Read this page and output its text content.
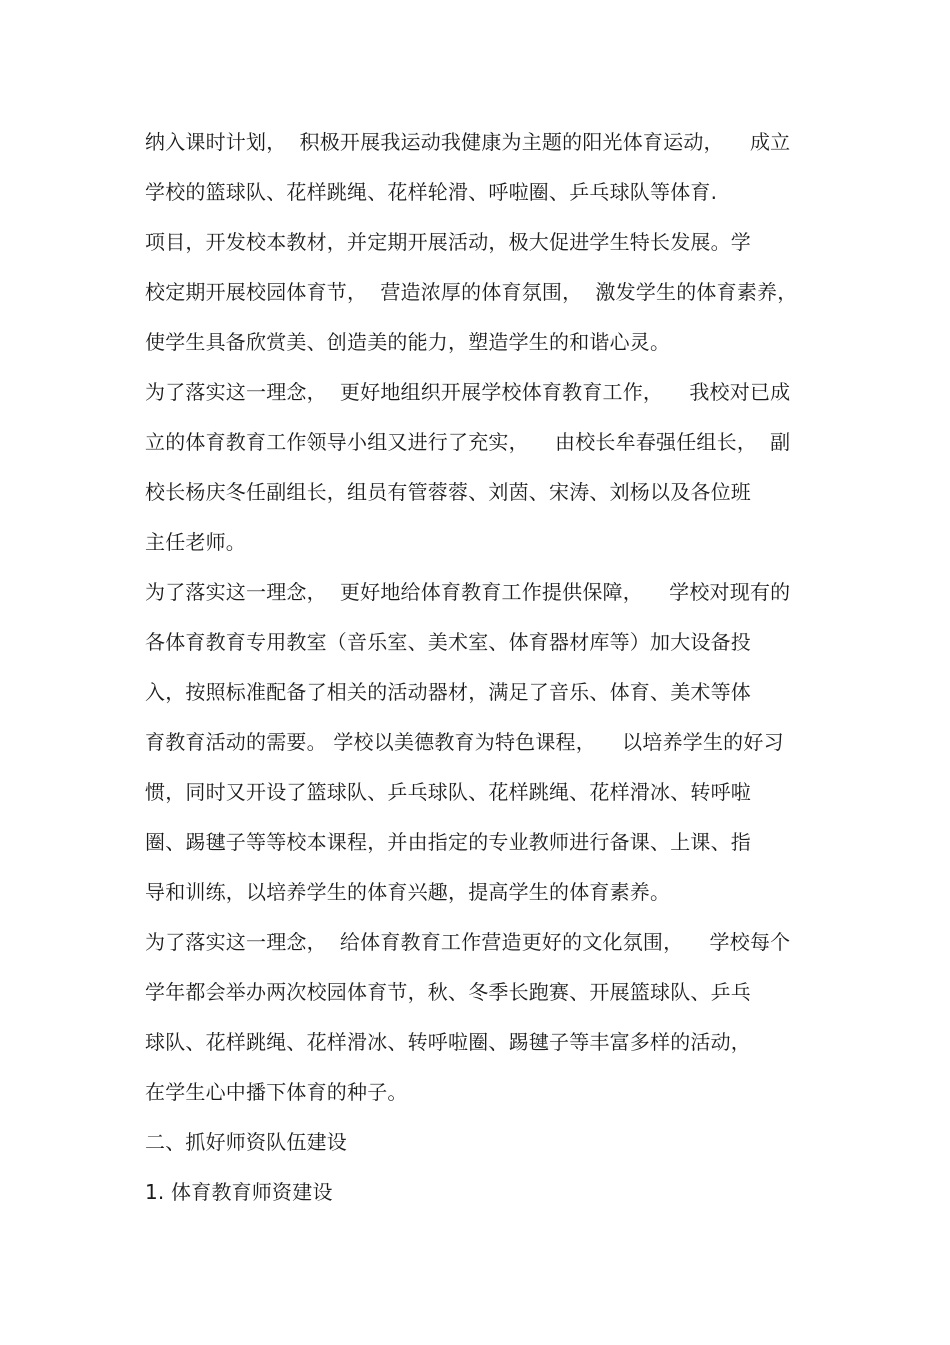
纳入课时计划，  积极开展我运动我健康为主题的阳光体育运动，    成立
学校的篮球队、花样跳绳、花样轮滑、呼啦圈、乒乓球队等体育.
项目，开发校本教材，并定期开展活动，极大促进学生特长发展。学
校定期开展校园体育节，  营造浓厚的体育氛围，  激发学生的体育素养，
使学生具备欣赏美、创造美的能力，塑造学生的和谐心灵。
为了落实这一理念，  更好地组织开展学校体育教育工作，    我校对已成
立的体育教育工作领导小组又进行了充实，    由校长牟春强任组长，  副
校长杨庆冬任副组长，组员有管蓉蓉、刘茵、宋涛、刘杨以及各位班
主任老师。
为了落实这一理念，  更好地给体育教育工作提供保障，    学校对现有的
各体育教育专用教室（音乐室、美术室、体育器材库等）加大设备投
入，按照标准配备了相关的活动器材，满足了音乐、体育、美术等体
育教育活动的需要。 学校以美德教育为特色课程，    以培养学生的好习
惯，同时又开设了篮球队、乒乓球队、花样跳绳、花样滑冰、转呼啦
圈、踢毽子等等校本课程，并由指定的专业教师进行备课、上课、指
导和训练，以培养学生的体育兴趣，提高学生的体育素养。
为了落实这一理念，  给体育教育工作营造更好的文化氛围，    学校每个
学年都会举办两次校园体育节，秋、冬季长跑赛、开展篮球队、乒乓
球队、花样跳绳、花样滑冰、转呼啦圈、踢毽子等丰富多样的活动，
在学生心中播下体育的种子。
二、抓好师资队伍建设
1. 体育教育师资建设
